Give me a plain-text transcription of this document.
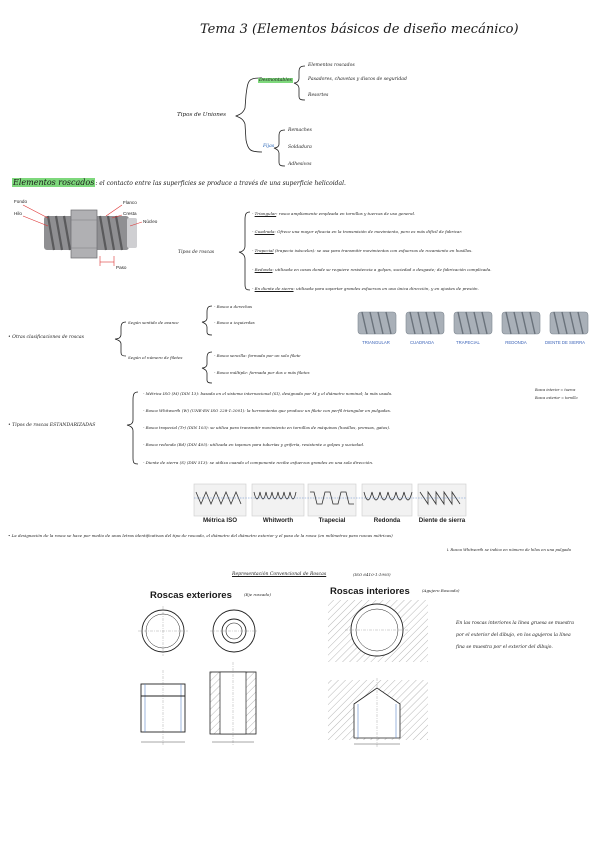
Tema 3 (Elementos básicos de diseño mecánico)
Tipos de Uniones
Desmontables
Elementos roscados
Pasadores, chavetas y discos de seguridad
Resortes
Fijas
Remaches
Soldadura
Adhesivos
Elementos roscados: el contacto entre las superficies se produce a través de una superficie helicoidal.
Fondo
Hilo
Flanco
Cresta
Núcleo
Paso
Tipos de roscas
- Triangular: rosca ampliamente empleada en tornillos y tuercas de uso general.
- Cuadrada: Ofrece una mayor eficacia en la transmisión de movimiento, pero es más difícil de fabricar.
- Trapecial (trapecio isósceles): se usa para transmitir movimientos con esfuerzos de rozamiento en husillos.
- Redonda: utilizada en casos donde se requiere resistencia a golpes, suciedad o desgaste; de fabricación complicada.
- En diente de sierra: utilizada para soportar grandes esfuerzos en una única dirección, y en ajustes de presión.
TRIANGULAR	CUADRADA	TRAPECIAL	REDONDA	DIENTE DE SIERRA
• Otras clasificaciones de roscas
Según sentido de avance
- Rosca a derechas
- Rosca a izquierdas
Según el número de filetes	- Rosca sencilla: formada por un solo filete
- Rosca múltiple: formada por dos o más filetes
• Tipos de roscas ESTANDARIZADAS
- Métrica ISO (M) (DIN 13): basada en el sistema internacional (SI), designada por M y el diámetro nominal; la más usada.
- Rosca Whitworth (W) (UNE-EN ISO 228-1:2001): la herramienta que produce un filete con perfil triangular en pulgadas.
- Rosca trapecial (Tr) (DIN 103): se utiliza para transmitir movimiento en tornillos de máquinas (husillos, prensas, gatos).
- Rosca redonda (Rd) (DIN 405): utilizada en tapones para tuberías y grifería, resistente a golpes y suciedad.
- Diente de sierra (S) (DIN 513): se utiliza cuando el componente recibe esfuerzos grandes en una sola dirección.
Rosca interior = tuerca
Rosca exterior = tornillo
Métrica ISO	Whitworth	Trapecial	Redonda	Diente de sierra
• La designación de la rosca se hace por medio de unas letras identificativas del tipo de roscado, el diámetro del diámetro exterior y el paso de la rosca (en milímetros para roscas métricas)
↳ Rosca Whitworth se indica en número de hilos en una pulgada
Representación Convencional de Roscas	(ISO 6410-1:1993)
Roscas exteriores	(Eje roscado)	Roscas interiores	(Agujero Roscado)
En las roscas interiores la línea gruesa se muestra por el exterior del dibujo, en los agujeros la línea fina se muestra por el exterior del dibujo.
